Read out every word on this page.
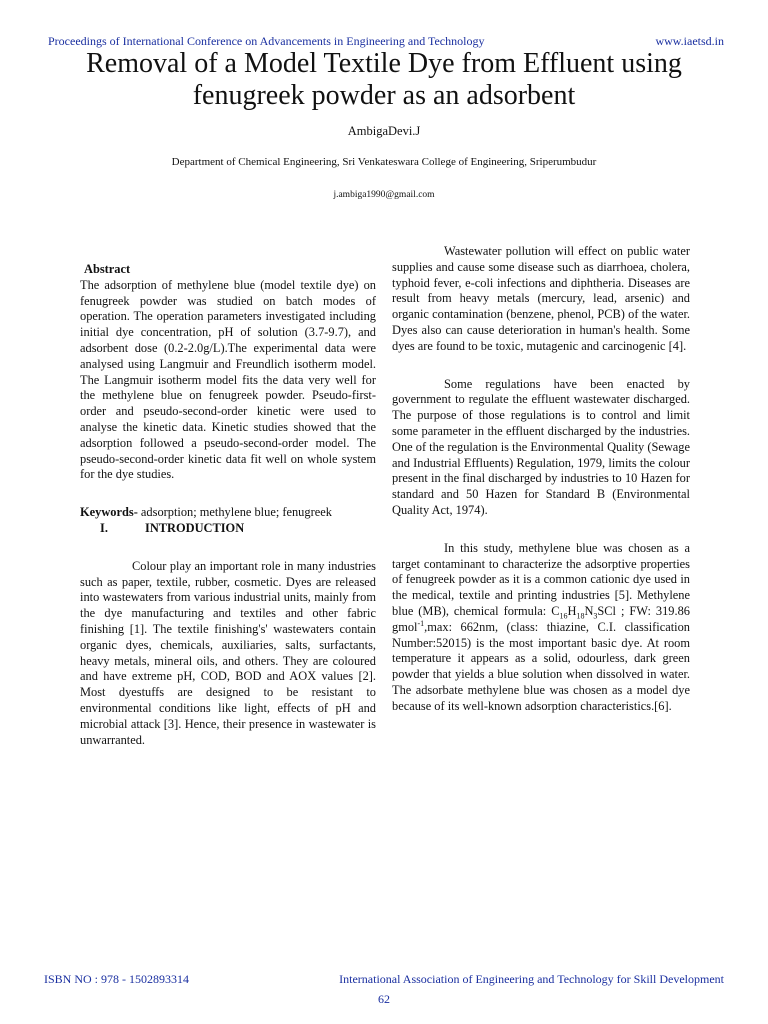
Proceedings of International Conference on Advancements in Engineering and Technology	www.iaetsd.in
Removal of a Model Textile Dye from Effluent using
fenugreek powder as an adsorbent
AmbigaDevi.J
Department of Chemical Engineering, Sri Venkateswara College of Engineering, Sriperumbudur
j.ambiga1990@gmail.com

Abstract

The adsorption of methylene blue (model textile dye) on fenugreek powder was studied on batch modes of operation. The operation parameters investigated including initial dye concentration, pH of solution (3.7-9.7), and adsorbent dose (0.2-2.0g/L).The experimental data were analysed using Langmuir and Freundlich isotherm model. The Langmuir isotherm model fits the data very well for the methylene blue on fenugreek powder. Pseudo-first-order and pseudo-second-order kinetic were used to analyse the kinetic data. Kinetic studies showed that the adsorption followed a pseudo-second-order model. The pseudo-second-order kinetic data fit well on whole system for the dye studies.

Keywords- adsorption; methylene blue; fenugreek

I.	INTRODUCTION

Colour play an important role in many industries such as paper, textile, rubber, cosmetic. Dyes are released into wastewaters from various industrial units, mainly from the dye manufacturing and textiles and other fabric finishing [1]. The textile finishing's' wastewaters contain organic dyes, chemicals, auxiliaries, salts, surfactants, heavy metals, mineral oils, and others. They are coloured and have extreme pH, COD, BOD and AOX values [2]. Most dyestuffs are designed to be resistant to environmental conditions like light, effects of pH and microbial attack [3]. Hence, their presence in wastewater is unwarranted.

Wastewater pollution will effect on public water supplies and cause some disease such as diarrhoea, cholera, typhoid fever, e-coli infections and diphtheria. Diseases are result from heavy metals (mercury, lead, arsenic) and organic contamination (benzene, phenol, PCB) of the water. Dyes also can cause deterioration in human's health. Some dyes are found to be toxic, mutagenic and carcinogenic [4].

Some regulations have been enacted by government to regulate the effluent wastewater discharged. The purpose of those regulations is to control and limit some parameter in the effluent discharged by the industries. One of the regulation is the Environmental Quality (Sewage and Industrial Effluents) Regulation, 1979, limits the colour present in the final discharged by industries to 10 Hazen for standard and 50 Hazen for Standard B (Environmental Quality Act, 1974).

In this study, methylene blue was chosen as a target contaminant to characterize the adsorptive properties of fenugreek powder as it is a common cationic dye used in the medical, textile and printing industries [5]. Methylene blue (MB), chemical formula: $C_{16}H_{18}N_3SCl$ ; FW: 319.86 gmol$^{-1}$,max: 662nm, (class: thiazine, C.I. classification Number:52015) is the most important basic dye. At room temperature it appears as a solid, odourless, dark green powder that yields a blue solution when dissolved in water. The adsorbate methylene blue was chosen as a model dye because of its well-known adsorption characteristics.[6].

ISBN NO : 978 - 1502893314	International Association of Engineering and Technology for Skill Development
62
